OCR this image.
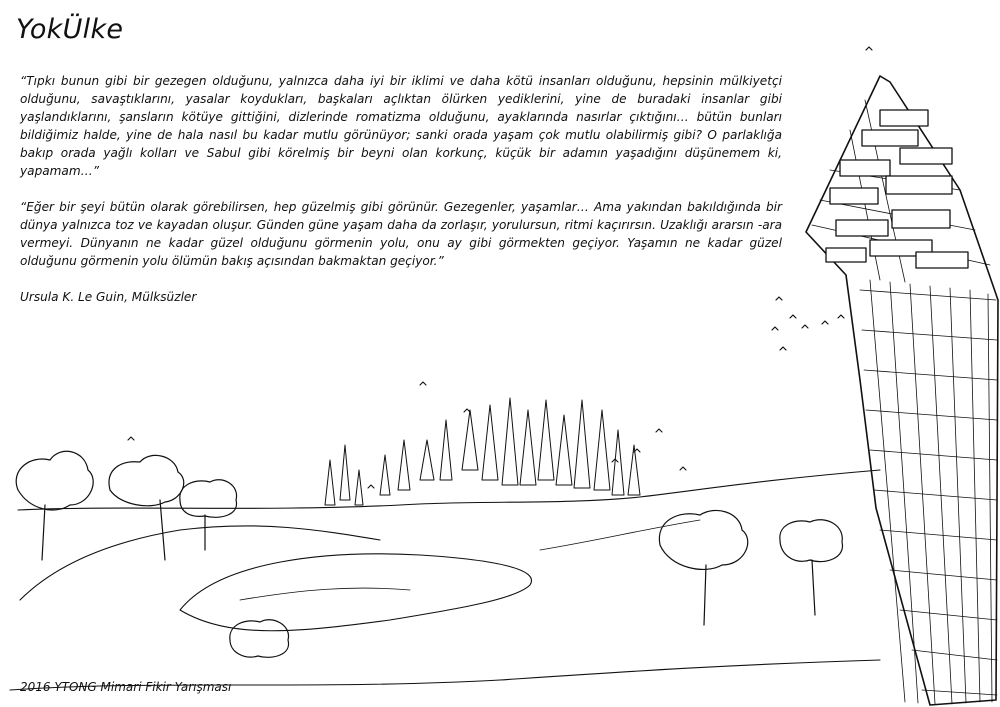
YokÜlke

“Tıpkı bunun gibi bir gezegen olduğunu, yalnızca daha iyi bir iklimi ve daha kötü insanları olduğunu, hepsinin mülkiyetçi olduğunu, savaştıklarını, yasalar koydukları, başkaları açlıktan ölürken yediklerini, yine de buradaki insanlar gibi yaşlandıklarını, şansların kötüye gittiğini, dizlerinde romatizma olduğunu, ayaklarında nasırlar çıktığını… bütün bunları bildiğimiz halde, yine de hala nasıl bu kadar mutlu görünüyor; sanki orada yaşam çok mutlu olabilirmiş gibi? O parlaklığa bakıp orada yağlı kolları ve Sabul gibi körelmiş bir beyni olan korkunç, küçük bir adamın yaşadığını düşünemem ki, yapamam…”

“Eğer bir şeyi bütün olarak görebilirsen, hep güzelmiş gibi görünür. Gezegenler, yaşamlar… Ama yakından bakıldığında bir dünya yalnızca toz ve kayadan oluşur. Günden güne yaşam daha da zorlaşır, yorulursun, ritmi kaçırırsın. Uzaklığı ararsın -ara vermeyi. Dünyanın ne kadar güzel olduğunu görmenin yolu, onu ay gibi görmekten geçiyor. Yaşamın ne kadar güzel olduğunu görmenin yolu ölümün bakış açısından bakmaktan geçiyor.”

Ursula K. Le Guin, Mülksüzler
2016 YTONG Mimari Fikir Yarışması
